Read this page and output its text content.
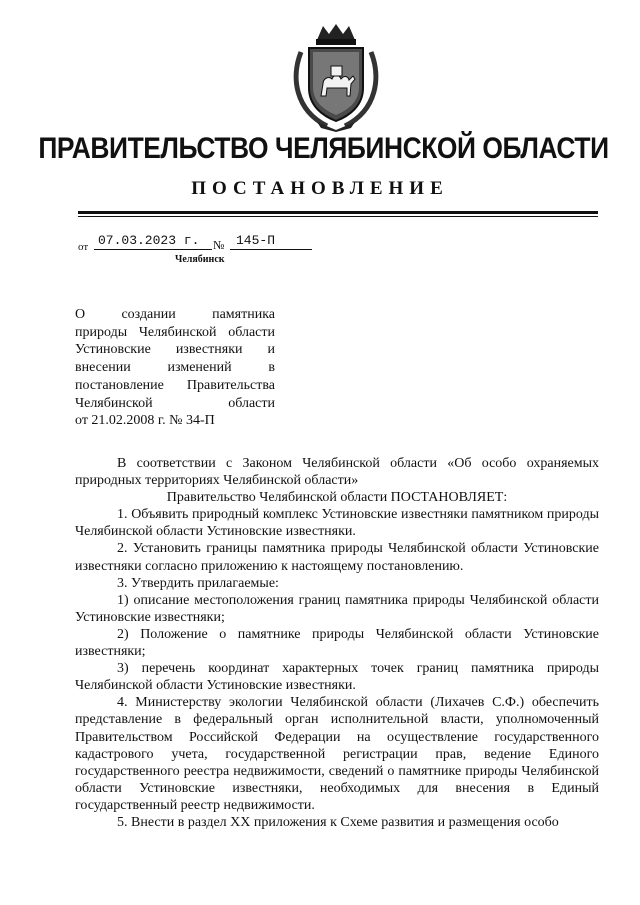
ПРАВИТЕЛЬСТВО ЧЕЛЯБИНСКОЙ ОБЛАСТИ
ПОСТАНОВЛЕНИЕ
от 07.03.2023 г.	№ 145-П
Челябинск
О создании памятника
природы Челябинской области
Устиновские известняки и
внесении изменений в
постановление Правительства
Челябинской области
от 21.02.2008 г. № 34-П

В соответствии с Законом Челябинской области «Об особо охраняемых природных территориях Челябинской области»

Правительство Челябинской области ПОСТАНОВЛЯЕТ:

1. Объявить природный комплекс Устиновские известняки памятником природы Челябинской области Устиновские известняки.

2. Установить границы памятника природы Челябинской области Устиновские известняки согласно приложению к настоящему постановлению.

3. Утвердить прилагаемые:

1) описание местоположения границ памятника природы Челябинской области Устиновские известняки;

2) Положение о памятнике природы Челябинской области Устиновские известняки;

3) перечень координат характерных точек границ памятника природы Челябинской области Устиновские известняки.

4. Министерству экологии Челябинской области (Лихачев С.Ф.) обеспечить представление в федеральный орган исполнительной власти, уполномоченный Правительством Российской Федерации на осуществление государственного кадастрового учета, государственной регистрации прав, ведение Единого государственного реестра недвижимости, сведений о памятнике природы Челябинской области Устиновские известняки, необходимых для внесения в Единый государственный реестр недвижимости.

5. Внести в раздел XX приложения к Схеме развития и размещения особо
